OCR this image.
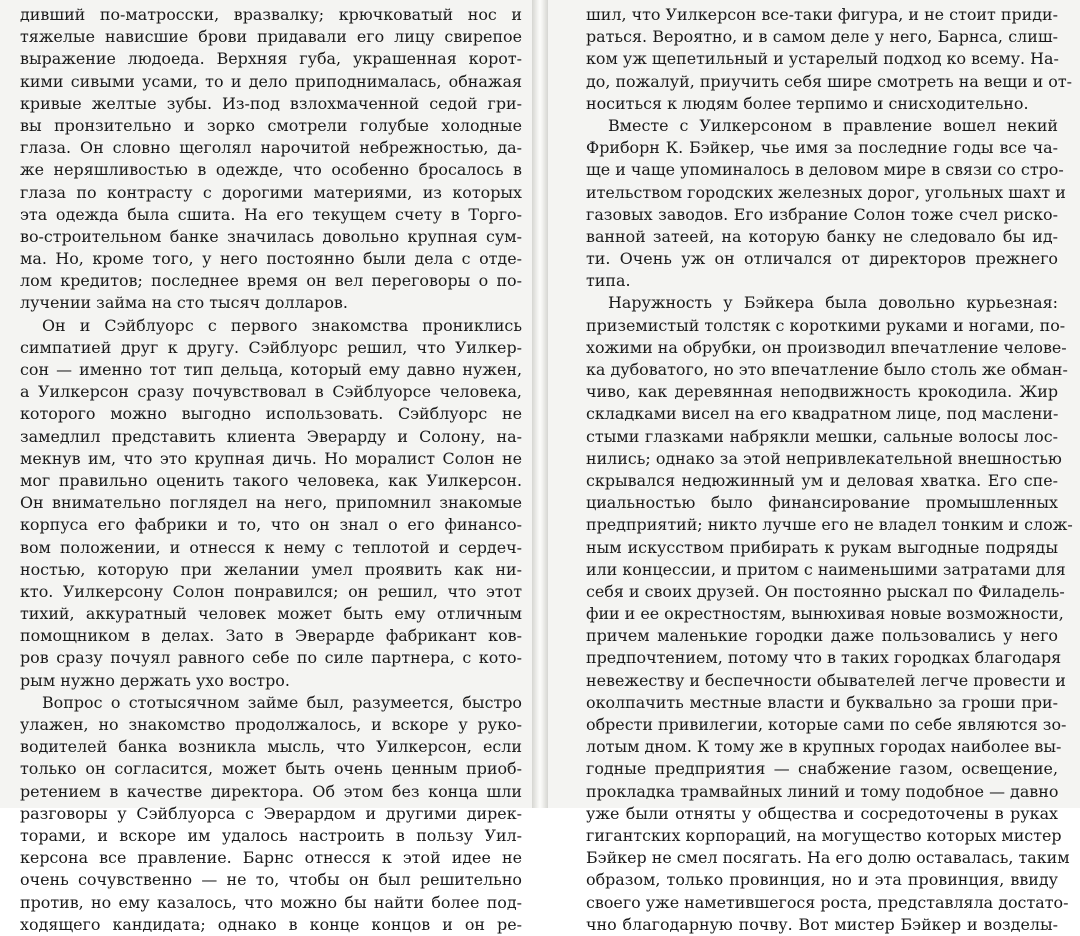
дивший по-матросски, вразвалку; крючковатый нос и
тяжелые нависшие брови придавали его лицу свирепое
выражение людоеда. Верхняя губа, украшенная корот-
кими сивыми усами, то и дело приподнималась, обнажая
кривые желтые зубы. Из-под взлохмаченной седой гри-
вы пронзительно и зорко смотрели голубые холодные
глаза. Он словно щеголял нарочитой небрежностью, да-
же неряшливостью в одежде, что особенно бросалось в
глаза по контрасту с дорогими материями, из которых
эта одежда была сшита. На его текущем счету в Торго-
во-строительном банке значилась довольно крупная сум-
ма. Но, кроме того, у него постоянно были дела с отде-
лом кредитов; последнее время он вел переговоры о по-
лучении займа на сто тысяч долларов.
Он и Сэйблуорс с первого знакомства прониклись
симпатией друг к другу. Сэйблуорс решил, что Уилкер-
сон — именно тот тип дельца, который ему давно нужен,
а Уилкерсон сразу почувствовал в Сэйблуорсе человека,
которого можно выгодно использовать. Сэйблуорс не
замедлил представить клиента Эверарду и Солону, на-
мекнув им, что это крупная дичь. Но моралист Солон не
мог правильно оценить такого человека, как Уилкерсон.
Он внимательно поглядел на него, припомнил знакомые
корпуса его фабрики и то, что он знал о его финансо-
вом положении, и отнесся к нему с теплотой и сердеч-
ностью, которую при желании умел проявить как ни-
кто. Уилкерсону Солон понравился; он решил, что этот
тихий, аккуратный человек может быть ему отличным
помощником в делах. Зато в Эверарде фабрикант ков-
ров сразу почуял равного себе по силе партнера, с кото-
рым нужно держать ухо востро.
Вопрос о стотысячном займе был, разумеется, быстро
улажен, но знакомство продолжалось, и вскоре у руко-
водителей банка возникла мысль, что Уилкерсон, если
только он согласится, может быть очень ценным приоб-
ретением в качестве директора. Об этом без конца шли
разговоры у Сэйблуорса с Эверардом и другими дирек-
торами, и вскоре им удалось настроить в пользу Уил-
керсона все правление. Барнс отнесся к этой идее не
очень сочувственно — не то, чтобы он был решительно
против, но ему казалось, что можно бы найти более под-
ходящего кандидата; однако в конце концов и он ре-
шил, что Уилкерсон все-таки фигура, и не стоит приди-
раться. Вероятно, и в самом деле у него, Барнса, слиш-
ком уж щепетильный и устарелый подход ко всему. На-
до, пожалуй, приучить себя шире смотреть на вещи и от-
носиться к людям более терпимо и снисходительно.
Вместе с Уилкерсоном в правление вошел некий
Фриборн К. Бэйкер, чье имя за последние годы все ча-
ще и чаще упоминалось в деловом мире в связи со стро-
ительством городских железных дорог, угольных шахт и
газовых заводов. Его избрание Солон тоже счел риско-
ванной затеей, на которую банку не следовало бы ид-
ти. Очень уж он отличался от директоров прежнего
типа.
Наружность у Бэйкера была довольно курьезная:
приземистый толстяк с короткими руками и ногами, по-
хожими на обрубки, он производил впечатление челове-
ка дубоватого, но это впечатление было столь же обман-
чиво, как деревянная неподвижность крокодила. Жир
складками висел на его квадратном лице, под маслени-
стыми глазками набрякли мешки, сальные волосы лос-
нились; однако за этой непривлекательной внешностью
скрывался недюжинный ум и деловая хватка. Его спе-
циальностью было финансирование промышленных
предприятий; никто лучше его не владел тонким и слож-
ным искусством прибирать к рукам выгодные подряды
или концессии, и притом с наименьшими затратами для
себя и своих друзей. Он постоянно рыскал по Филадель-
фии и ее окрестностям, вынюхивая новые возможности,
причем маленькие городки даже пользовались у него
предпочтением, потому что в таких городках благодаря
невежеству и беспечности обывателей легче провести и
околпачить местные власти и буквально за гроши при-
обрести привилегии, которые сами по себе являются зо-
лотым дном. К тому же в крупных городах наиболее вы-
годные предприятия — снабжение газом, освещение,
прокладка трамвайных линий и тому подобное — давно
уже были отняты у общества и сосредоточены в руках
гигантских корпораций, на могущество которых мистер
Бэйкер не смел посягать. На его долю оставалась, таким
образом, только провинция, но и эта провинция, ввиду
своего уже наметившегося роста, представляла достато-
чно благодарную почву. Вот мистер Бэйкер и возделы-
